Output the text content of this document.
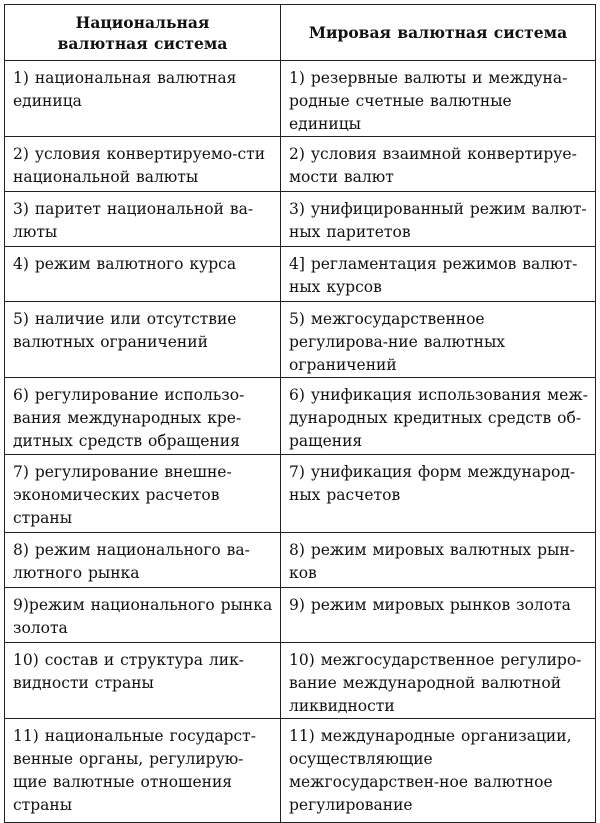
Национальная
валютная система	Мировая валютная система
1) национальная валютная единица	1) резервные валюты и междуна-родные счетные валютные единицы
2) условия конвертируемо-сти национальной валюты	2) условия взаимной конвертируе-мости валют
3) паритет национальной ва-люты	3) унифицированный режим валют-ных паритетов
4) режим валютного курса	4] регламентация режимов валют-ных курсов
5) наличие или отсутствие валютных ограничений	5) межгосударственное регулирова-ние валютных ограничений
6) регулирование использо-вания международных кре-дитных средств обращения	6) унификация использования меж-дународных кредитных средств об-ращения
7) регулирование внешне-экономических расчетов страны	7) унификация форм международ-ных расчетов
8) режим национального ва-лютного рынка	8) режим мировых валютных рын-ков
9)режим национального рынка золота	9) режим мировых рынков золота
10) состав и структура лик-видности страны	10) межгосударственное регулиро-вание международной валютной ликвидности
11) национальные государст-венные органы, регулирую-щие валютные отношения страны	11) международные организации, осуществляющие межгосударствен-ное валютное регулирование
